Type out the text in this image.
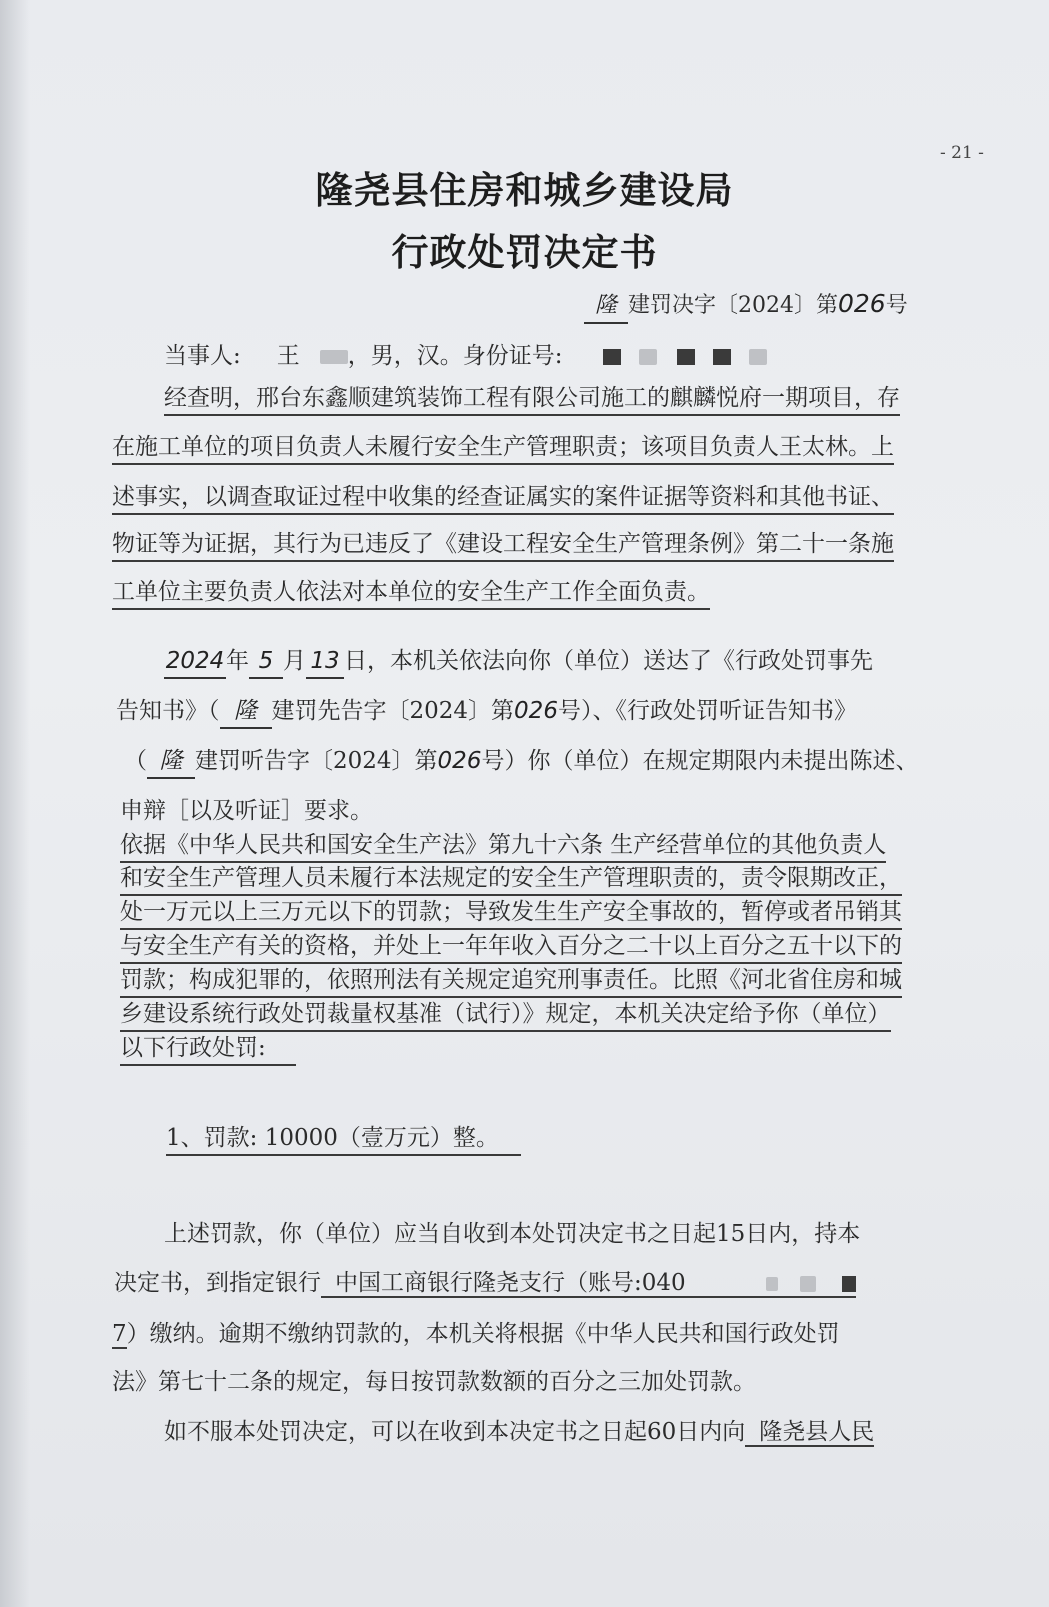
- 21 -
隆尧县住房和城乡建设局
行政处罚决定书
隆 建罚决字〔2024〕第026号
当事人: 王 ，男，汉。身份证号:
经查明，邢台东鑫顺建筑装饰工程有限公司施工的麒麟悦府一期项目，存
在施工单位的项目负责人未履行安全生产管理职责；该项目负责人王太林。上
述事实，以调查取证过程中收集的经查证属实的案件证据等资料和其他书证、
物证等为证据，其行为已违反了《建设工程安全生产管理条例》第二十一条施
工单位主要负责人依法对本单位的安全生产工作全面负责。
2024年 5 月 13 日，本机关依法向你（单位）送达了《行政处罚事先
告知书》（ 隆 建罚先告字〔2024〕第026号）、《行政处罚听证告知书》
（ 隆 建罚听告字〔2024〕第026号）你（单位）在规定期限内未提出陈述、
申辩［以及听证］要求。
依据《中华人民共和国安全生产法》第九十六条 生产经营单位的其他负责人
和安全生产管理人员未履行本法规定的安全生产管理职责的，责令限期改正，
处一万元以上三万元以下的罚款；导致发生生产安全事故的，暂停或者吊销其
与安全生产有关的资格，并处上一年年收入百分之二十以上百分之五十以下的
罚款；构成犯罪的，依照刑法有关规定追究刑事责任。比照《河北省住房和城
乡建设系统行政处罚裁量权基准（试行）》规定，本机关决定给予你（单位）
以下行政处罚:
1、罚款: 10000（壹万元）整。
上述罚款，你（单位）应当自收到本处罚决定书之日起15日内，持本
决定书，到指定银行 中国工商银行隆尧支行（账号:040
7）缴纳。逾期不缴纳罚款的，本机关将根据《中华人民共和国行政处罚
法》第七十二条的规定，每日按罚款数额的百分之三加处罚款。
如不服本处罚决定，可以在收到本决定书之日起60日内向 隆尧县人民
